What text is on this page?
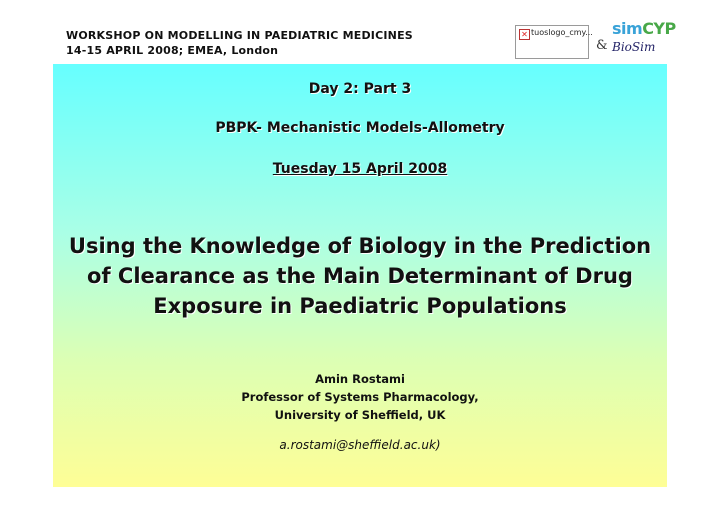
WORKSHOP ON MODELLING IN PAEDIATRIC MEDICINES
14-15 APRIL 2008; EMEA, London
✕ tuoslogo_cmy...
&
simCYP
BioSim
Day 2: Part 3
PBPK- Mechanistic Models-Allometry
Tuesday 15 April 2008
Using the Knowledge of Biology in the Prediction
of Clearance as the Main Determinant of Drug
Exposure in Paediatric Populations
Amin Rostami
Professor of Systems Pharmacology,
University of Sheffield, UK
a.rostami@sheffield.ac.uk)
